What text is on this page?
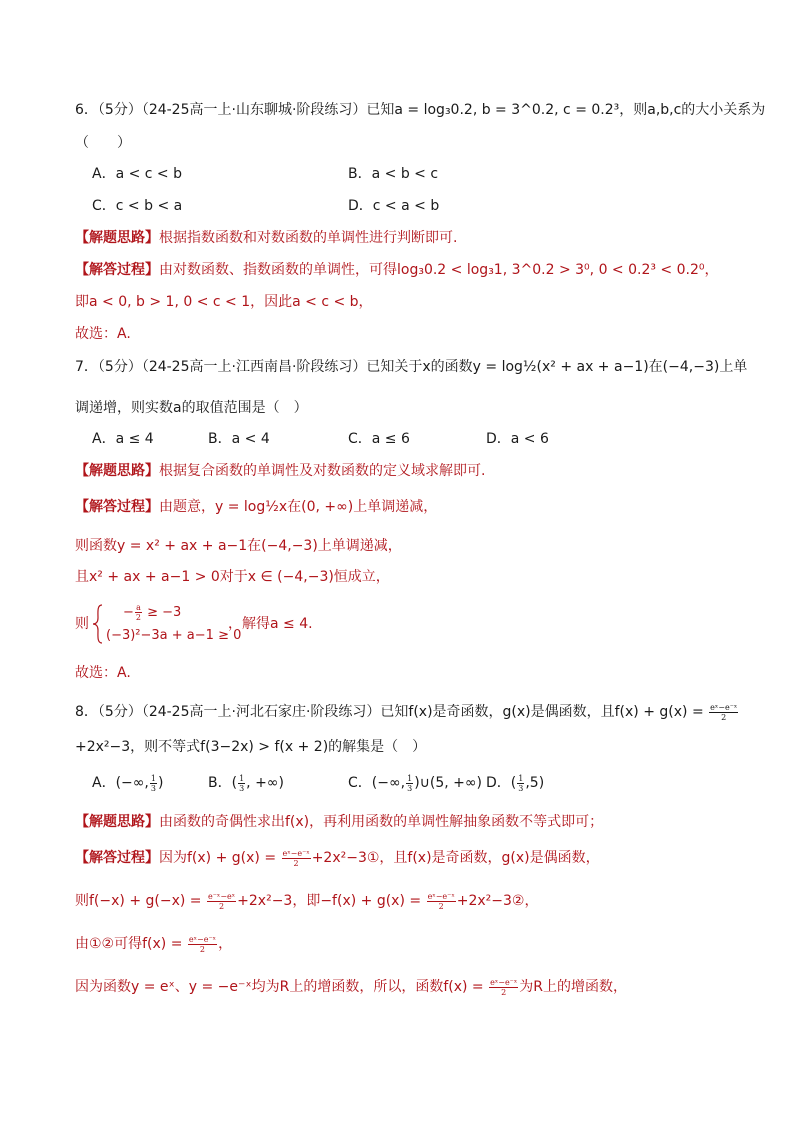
6．（5分）（24-25高一上·山东聊城·阶段练习）已知a = log₃0.2, b = 3^0.2, c = 0.2³，则a,b,c的大小关系为
（　　）
A．a < c < b	B．a < b < c
C．c < b < a	D．c < a < b
【解题思路】根据指数函数和对数函数的单调性进行判断即可.
【解答过程】由对数函数、指数函数的单调性，可得log₃0.2 < log₃1, 3^0.2 > 3⁰, 0 < 0.2³ < 0.2⁰，
即a < 0, b > 1, 0 < c < 1，因此a < c < b，
故选：A.
7．（5分）（24-25高一上·江西南昌·阶段练习）已知关于x的函数y = log½(x² + ax + a−1)在(−4,−3)上单
调递增，则实数a的取值范围是（　）
A．a ≤ 4	B．a < 4	C．a ≤ 6	D．a < 6
【解题思路】根据复合函数的单调性及对数函数的定义域求解即可.
【解答过程】由题意，y = log½x在(0, +∞)上单调递减，
则函数y = x² + ax + a−1在(−4,−3)上单调递减，
且x² + ax + a−1 > 0对于x ∈ (−4,−3)恒成立，
则
− $\frac{a}{2} \ge -3$
(−3)²−3a + a−1 ≥ 0
，解得a ≤ 4.
故选：A.
8．（5分）（24-25高一上·河北石家庄·阶段练习）已知f(x)是奇函数，g(x)是偶函数，且$f(x) + g(x) = \frac{\text{eˣ−e⁻ˣ}}{2}$
+2x²−3，则不等式f(3−2x) > f(x + 2)的解集是（　）
A．(−∞, $\frac{1}{3}$ )	B．( $\frac{1}{3}$ , +∞)	C．(−∞, $\frac{1}{3}$ )∪(5, +∞) D．( $\frac{1}{3} ,5$)
【解题思路】由函数的奇偶性求出f(x)，再利用函数的单调性解抽象函数不等式即可；
【解答过程】因为$f(x) + g(x) = \frac{\text{eˣ−e⁻ˣ}}{2}$ +2x²−3①，且f(x)是奇函数，g(x)是偶函数，
则$f(-x) + g(-x) = \frac{\text{e⁻ˣ−eˣ}}{2} +2x^2-3$，即$-f(x) + g(x) = \frac{\text{eˣ−e⁻ˣ}}{2}$ +2x²−3②，
由①②可得$f(x) = \frac{\text{eˣ−e⁻ˣ}}{2}$ ，
因为函数y = eˣ、y = −e⁻ˣ均为R上的增函数，所以，函数$f(x) = \frac{\text{eˣ−e⁻ˣ}}{2}$ 为R上的增函数，
